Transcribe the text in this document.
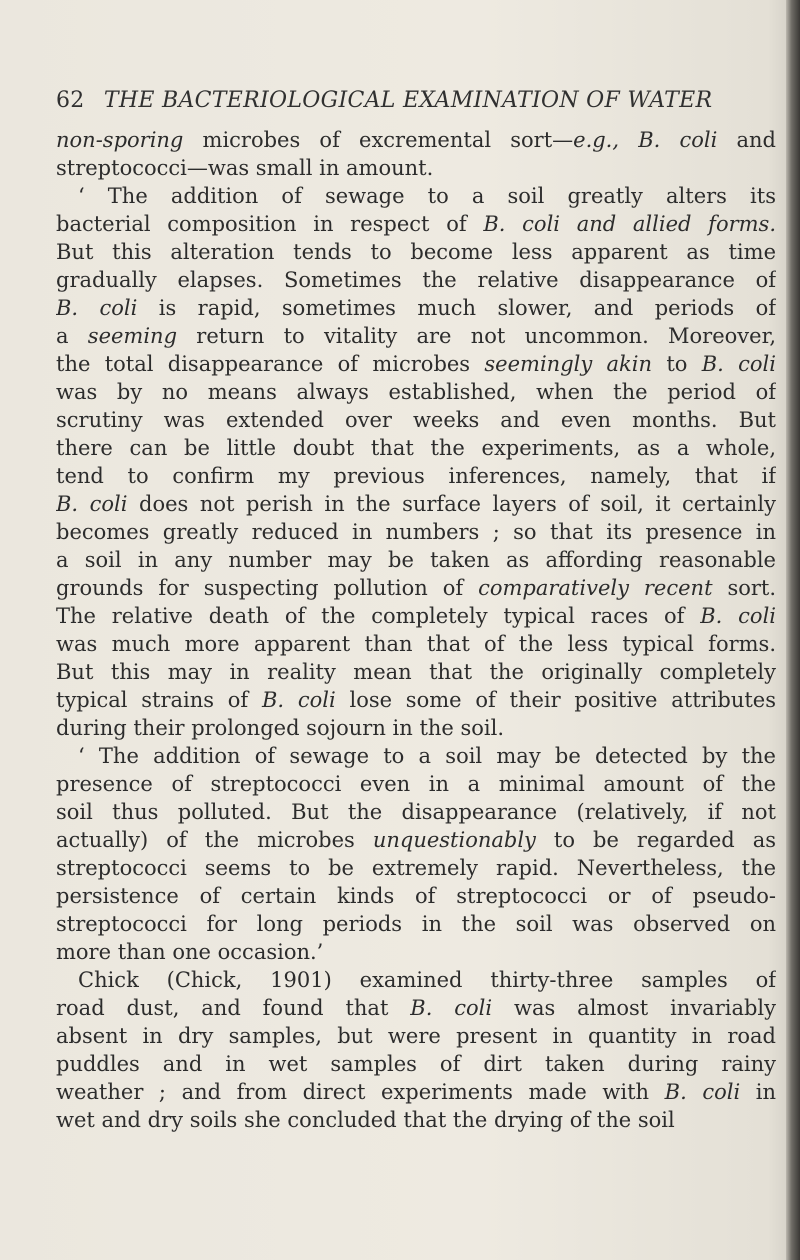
62 THE BACTERIOLOGICAL EXAMINATION OF WATER
non-sporing microbes of excremental sort—e.g., B. coli and
streptococci—was small in amount.
‘ The addition of sewage to a soil greatly alters its
bacterial composition in respect of B. coli and allied forms.
But this alteration tends to become less apparent as time
gradually elapses. Sometimes the relative disappearance of
B. coli is rapid, sometimes much slower, and periods of
a seeming return to vitality are not uncommon. Moreover,
the total disappearance of microbes seemingly akin to B. coli
was by no means always established, when the period of
scrutiny was extended over weeks and even months. But
there can be little doubt that the experiments, as a whole,
tend to confirm my previous inferences, namely, that if
B. coli does not perish in the surface layers of soil, it certainly
becomes greatly reduced in numbers ; so that its presence in
a soil in any number may be taken as affording reasonable
grounds for suspecting pollution of comparatively recent sort.
The relative death of the completely typical races of B. coli
was much more apparent than that of the less typical forms.
But this may in reality mean that the originally completely
typical strains of B. coli lose some of their positive attributes
during their prolonged sojourn in the soil.
‘ The addition of sewage to a soil may be detected by the
presence of streptococci even in a minimal amount of the
soil thus polluted. But the disappearance (relatively, if not
actually) of the microbes unquestionably to be regarded as
streptococci seems to be extremely rapid. Nevertheless, the
persistence of certain kinds of streptococci or of pseudo-
streptococci for long periods in the soil was observed on
more than one occasion.’
Chick (Chick, 1901) examined thirty-three samples of
road dust, and found that B. coli was almost invariably
absent in dry samples, but were present in quantity in road
puddles and in wet samples of dirt taken during rainy
weather ; and from direct experiments made with B. coli in
wet and dry soils she concluded that the drying of the soil
